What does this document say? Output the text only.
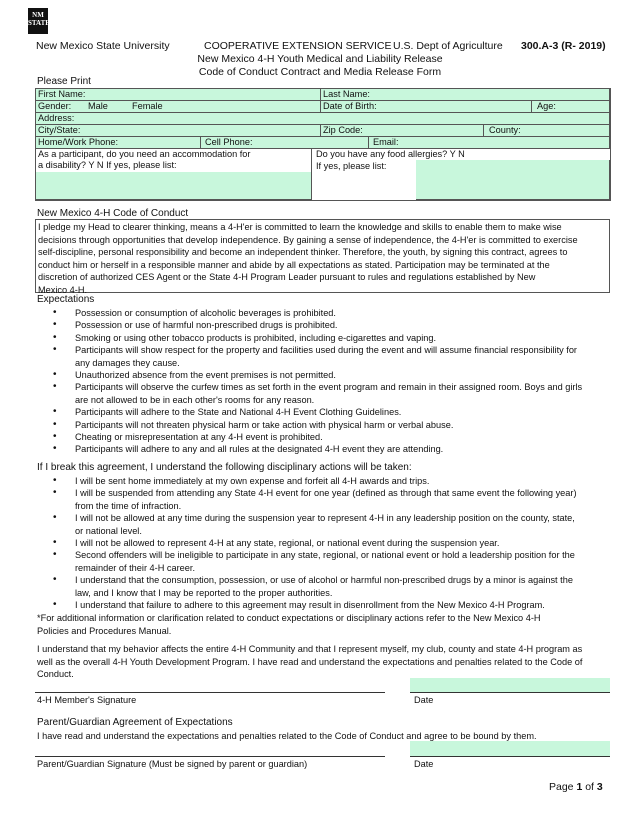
NM STATE
New Mexico State University	COOPERATIVE EXTENSION SERVICE U.S. Dept of Agriculture 300.A-3 (R- 2019)
New Mexico 4-H Youth Medical and Liability Release
Code of Conduct Contract and Media Release Form
Please Print
First Name:	Last Name:
Gender: Male	Female	Date of Birth:	Age:
Address:
City/State:	Zip Code:	County:
Home/Work Phone:	Cell Phone:	Email:
As a participant, do you need an accommodation for
a disability? Y N If yes, please list:
Do you have any food allergies? Y N
If yes, please list:
New Mexico 4-H Code of Conduct
I pledge my Head to clearer thinking, means a 4-H'er is committed to learn the knowledge and skills to enable them to make wise
decisions through opportunities that develop independence. By gaining a sense of independence, the 4-H'er is committed to exercise
self-discipline, personal responsibility and become an independent thinker. Therefore, the youth, by signing this contract, agrees to
conduct him or herself in a responsible manner and abide by all expectations as stated. Participation may be terminated at the
discretion of authorized CES Agent or the State 4-H Program Leader pursuant to rules and regulations established by New
Mexico 4-H.
Expectations
• Possession or consumption of alcoholic beverages is prohibited.
• Possession or use of harmful non-prescribed drugs is prohibited.
• Smoking or using other tobacco products is prohibited, including e-cigarettes and vaping.
• Participants will show respect for the property and facilities used during the event and will assume financial responsibility for
any damages they cause.
• Unauthorized absence from the event premises is not permitted.
• Participants will observe the curfew times as set forth in the event program and remain in their assigned room. Boys and girls
are not allowed to be in each other's rooms for any reason.
• Participants will adhere to the State and National 4-H Event Clothing Guidelines.
• Participants will not threaten physical harm or take action with physical harm or verbal abuse.
• Cheating or misrepresentation at any 4-H event is prohibited.
• Participants will adhere to any and all rules at the designated 4-H event they are attending.
If I break this agreement, I understand the following disciplinary actions will be taken:
• I will be sent home immediately at my own expense and forfeit all 4-H awards and trips.
• I will be suspended from attending any State 4-H event for one year (defined as through that same event the following year)
from the time of infraction.
• I will not be allowed at any time during the suspension year to represent 4-H in any leadership position on the county, state,
or national level.
• I will not be allowed to represent 4-H at any state, regional, or national event during the suspension year.
• Second offenders will be ineligible to participate in any state, regional, or national event or hold a leadership position for the
remainder of their 4-H career.
• I understand that the consumption, possession, or use of alcohol or harmful non-prescribed drugs by a minor is against the
law, and I know that I may be reported to the proper authorities.
• I understand that failure to adhere to this agreement may result in disenrollment from the New Mexico 4-H Program.
*For additional information or clarification related to conduct expectations or disciplinary actions refer to the New Mexico 4-H
Policies and Procedures Manual.
I understand that my behavior affects the entire 4-H Community and that I represent myself, my club, county and state 4-H program as
well as the overall 4-H Youth Development Program. I have read and understand the expectations and penalties related to the Code of
Conduct.
4-H Member's Signature	Date
Parent/Guardian Agreement of Expectations
I have read and understand the expectations and penalties related to the Code of Conduct and agree to be bound by them.
Parent/Guardian Signature (Must be signed by parent or guardian)	Date
Page 1 of 3
